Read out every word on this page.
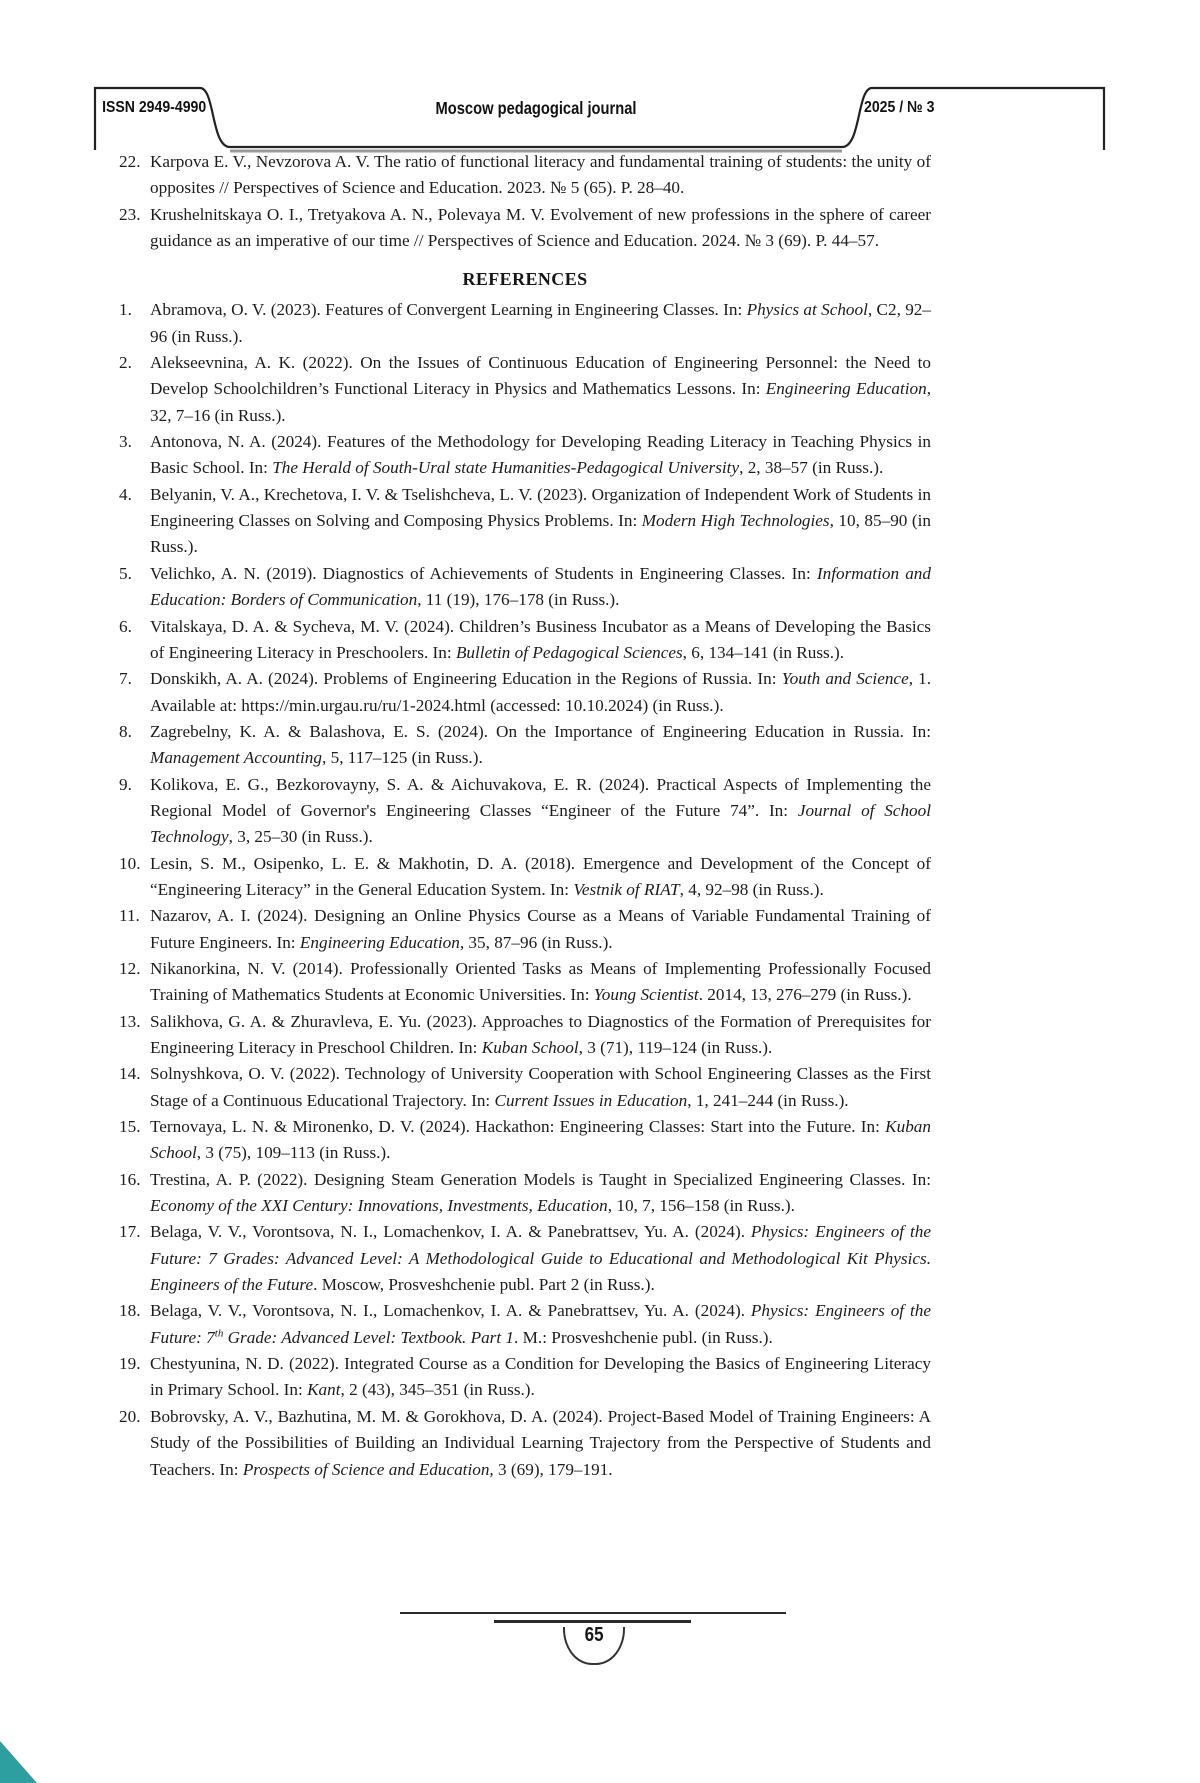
ISSN 2949-4990	Moscow pedagogical journal	2025 / № 3
22. Karpova E. V., Nevzorova A. V. The ratio of functional literacy and fundamental training of students: the unity of opposites // Perspectives of Science and Education. 2023. № 5 (65). P. 28–40.
23. Krushelnitskaya O. I., Tretyakova A. N., Polevaya M. V. Evolvement of new professions in the sphere of career guidance as an imperative of our time // Perspectives of Science and Education. 2024. № 3 (69). P. 44–57.
REFERENCES
1. Abramova, O. V. (2023). Features of Convergent Learning in Engineering Classes. In: Physics at School, C2, 92–96 (in Russ.).
2. Alekseevnina, A. K. (2022). On the Issues of Continuous Education of Engineering Personnel: the Need to Develop Schoolchildren’s Functional Literacy in Physics and Mathematics Lessons. In: Engineering Education, 32, 7–16 (in Russ.).
3. Antonova, N. A. (2024). Features of the Methodology for Developing Reading Literacy in Teaching Physics in Basic School. In: The Herald of South-Ural state Humanities-Pedagogical University, 2, 38–57 (in Russ.).
4. Belyanin, V. A., Krechetova, I. V. & Tselishcheva, L. V. (2023). Organization of Independent Work of Students in Engineering Classes on Solving and Composing Physics Problems. In: Modern High Technologies, 10, 85–90 (in Russ.).
5. Velichko, A. N. (2019). Diagnostics of Achievements of Students in Engineering Classes. In: Information and Education: Borders of Communication, 11 (19), 176–178 (in Russ.).
6. Vitalskaya, D. A. & Sycheva, M. V. (2024). Children’s Business Incubator as a Means of Developing the Basics of Engineering Literacy in Preschoolers. In: Bulletin of Pedagogical Sciences, 6, 134–141 (in Russ.).
7. Donskikh, A. A. (2024). Problems of Engineering Education in the Regions of Russia. In: Youth and Science, 1. Available at: https://min.urgau.ru/ru/1-2024.html (accessed: 10.10.2024) (in Russ.).
8. Zagrebelny, K. A. & Balashova, E. S. (2024). On the Importance of Engineering Education in Russia. In: Management Accounting, 5, 117–125 (in Russ.).
9. Kolikova, E. G., Bezkorovayny, S. A. & Aichuvakova, E. R. (2024). Practical Aspects of Implementing the Regional Model of Governor's Engineering Classes “Engineer of the Future 74”. In: Journal of School Technology, 3, 25–30 (in Russ.).
10. Lesin, S. M., Osipenko, L. E. & Makhotin, D. A. (2018). Emergence and Development of the Concept of “Engineering Literacy” in the General Education System. In: Vestnik of RIAT, 4, 92–98 (in Russ.).
11. Nazarov, A. I. (2024). Designing an Online Physics Course as a Means of Variable Fundamental Training of Future Engineers. In: Engineering Education, 35, 87–96 (in Russ.).
12. Nikanorkina, N. V. (2014). Professionally Oriented Tasks as Means of Implementing Professionally Focused Training of Mathematics Students at Economic Universities. In: Young Scientist. 2014, 13, 276–279 (in Russ.).
13. Salikhova, G. A. & Zhuravleva, E. Yu. (2023). Approaches to Diagnostics of the Formation of Prerequisites for Engineering Literacy in Preschool Children. In: Kuban School, 3 (71), 119–124 (in Russ.).
14. Solnyshkova, O. V. (2022). Technology of University Cooperation with School Engineering Classes as the First Stage of a Continuous Educational Trajectory. In: Current Issues in Education, 1, 241–244 (in Russ.).
15. Ternovaya, L. N. & Mironenko, D. V. (2024). Hackathon: Engineering Classes: Start into the Future. In: Kuban School, 3 (75), 109–113 (in Russ.).
16. Trestina, A. P. (2022). Designing Steam Generation Models is Taught in Specialized Engineering Classes. In: Economy of the XXI Century: Innovations, Investments, Education, 10, 7, 156–158 (in Russ.).
17. Belaga, V. V., Vorontsova, N. I., Lomachenkov, I. A. & Panebrattsev, Yu. A. (2024). Physics: Engineers of the Future: 7 Grades: Advanced Level: A Methodological Guide to Educational and Methodological Kit Physics. Engineers of the Future. Moscow, Prosveshchenie publ. Part 2 (in Russ.).
18. Belaga, V. V., Vorontsova, N. I., Lomachenkov, I. A. & Panebrattsev, Yu. A. (2024). Physics: Engineers of the Future: 7th Grade: Advanced Level: Textbook. Part 1. M.: Prosveshchenie publ. (in Russ.).
19. Chestyunina, N. D. (2022). Integrated Course as a Condition for Developing the Basics of Engineering Literacy in Primary School. In: Kant, 2 (43), 345–351 (in Russ.).
20. Bobrovsky, A. V., Bazhutina, M. M. & Gorokhova, D. A. (2024). Project-Based Model of Training Engineers: A Study of the Possibilities of Building an Individual Learning Trajectory from the Perspective of Students and Teachers. In: Prospects of Science and Education, 3 (69), 179–191.
65
